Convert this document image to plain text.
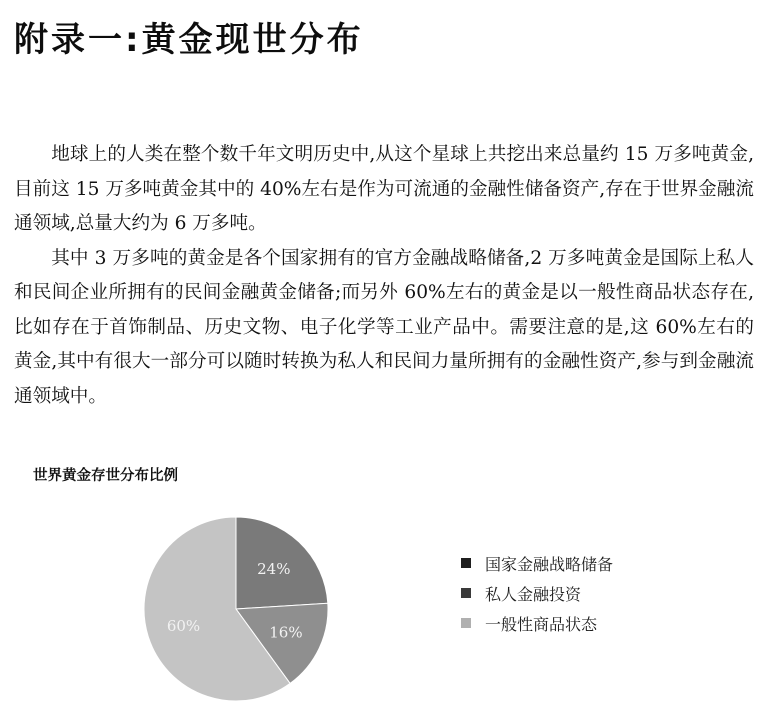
附录一:黄金现世分布

地球上的人类在整个数千年文明历史中,从这个星球上共挖出来总量约 15 万多吨黄金,目前这 15 万多吨黄金其中的 40%左右是作为可流通的金融性储备资产,存在于世界金融流通领域,总量大约为 6 万多吨。

其中 3 万多吨的黄金是各个国家拥有的官方金融战略储备,2 万多吨黄金是国际上私人和民间企业所拥有的民间金融黄金储备;而另外 60%左右的黄金是以一般性商品状态存在,比如存在于首饰制品、历史文物、电子化学等工业产品中。需要注意的是,这 60%左右的黄金,其中有很大一部分可以随时转换为私人和民间力量所拥有的金融性资产,参与到金融流通领域中。

世界黄金存世分布比例
24%
16%
60%
国家金融战略储备
私人金融投资
一般性商品状态
